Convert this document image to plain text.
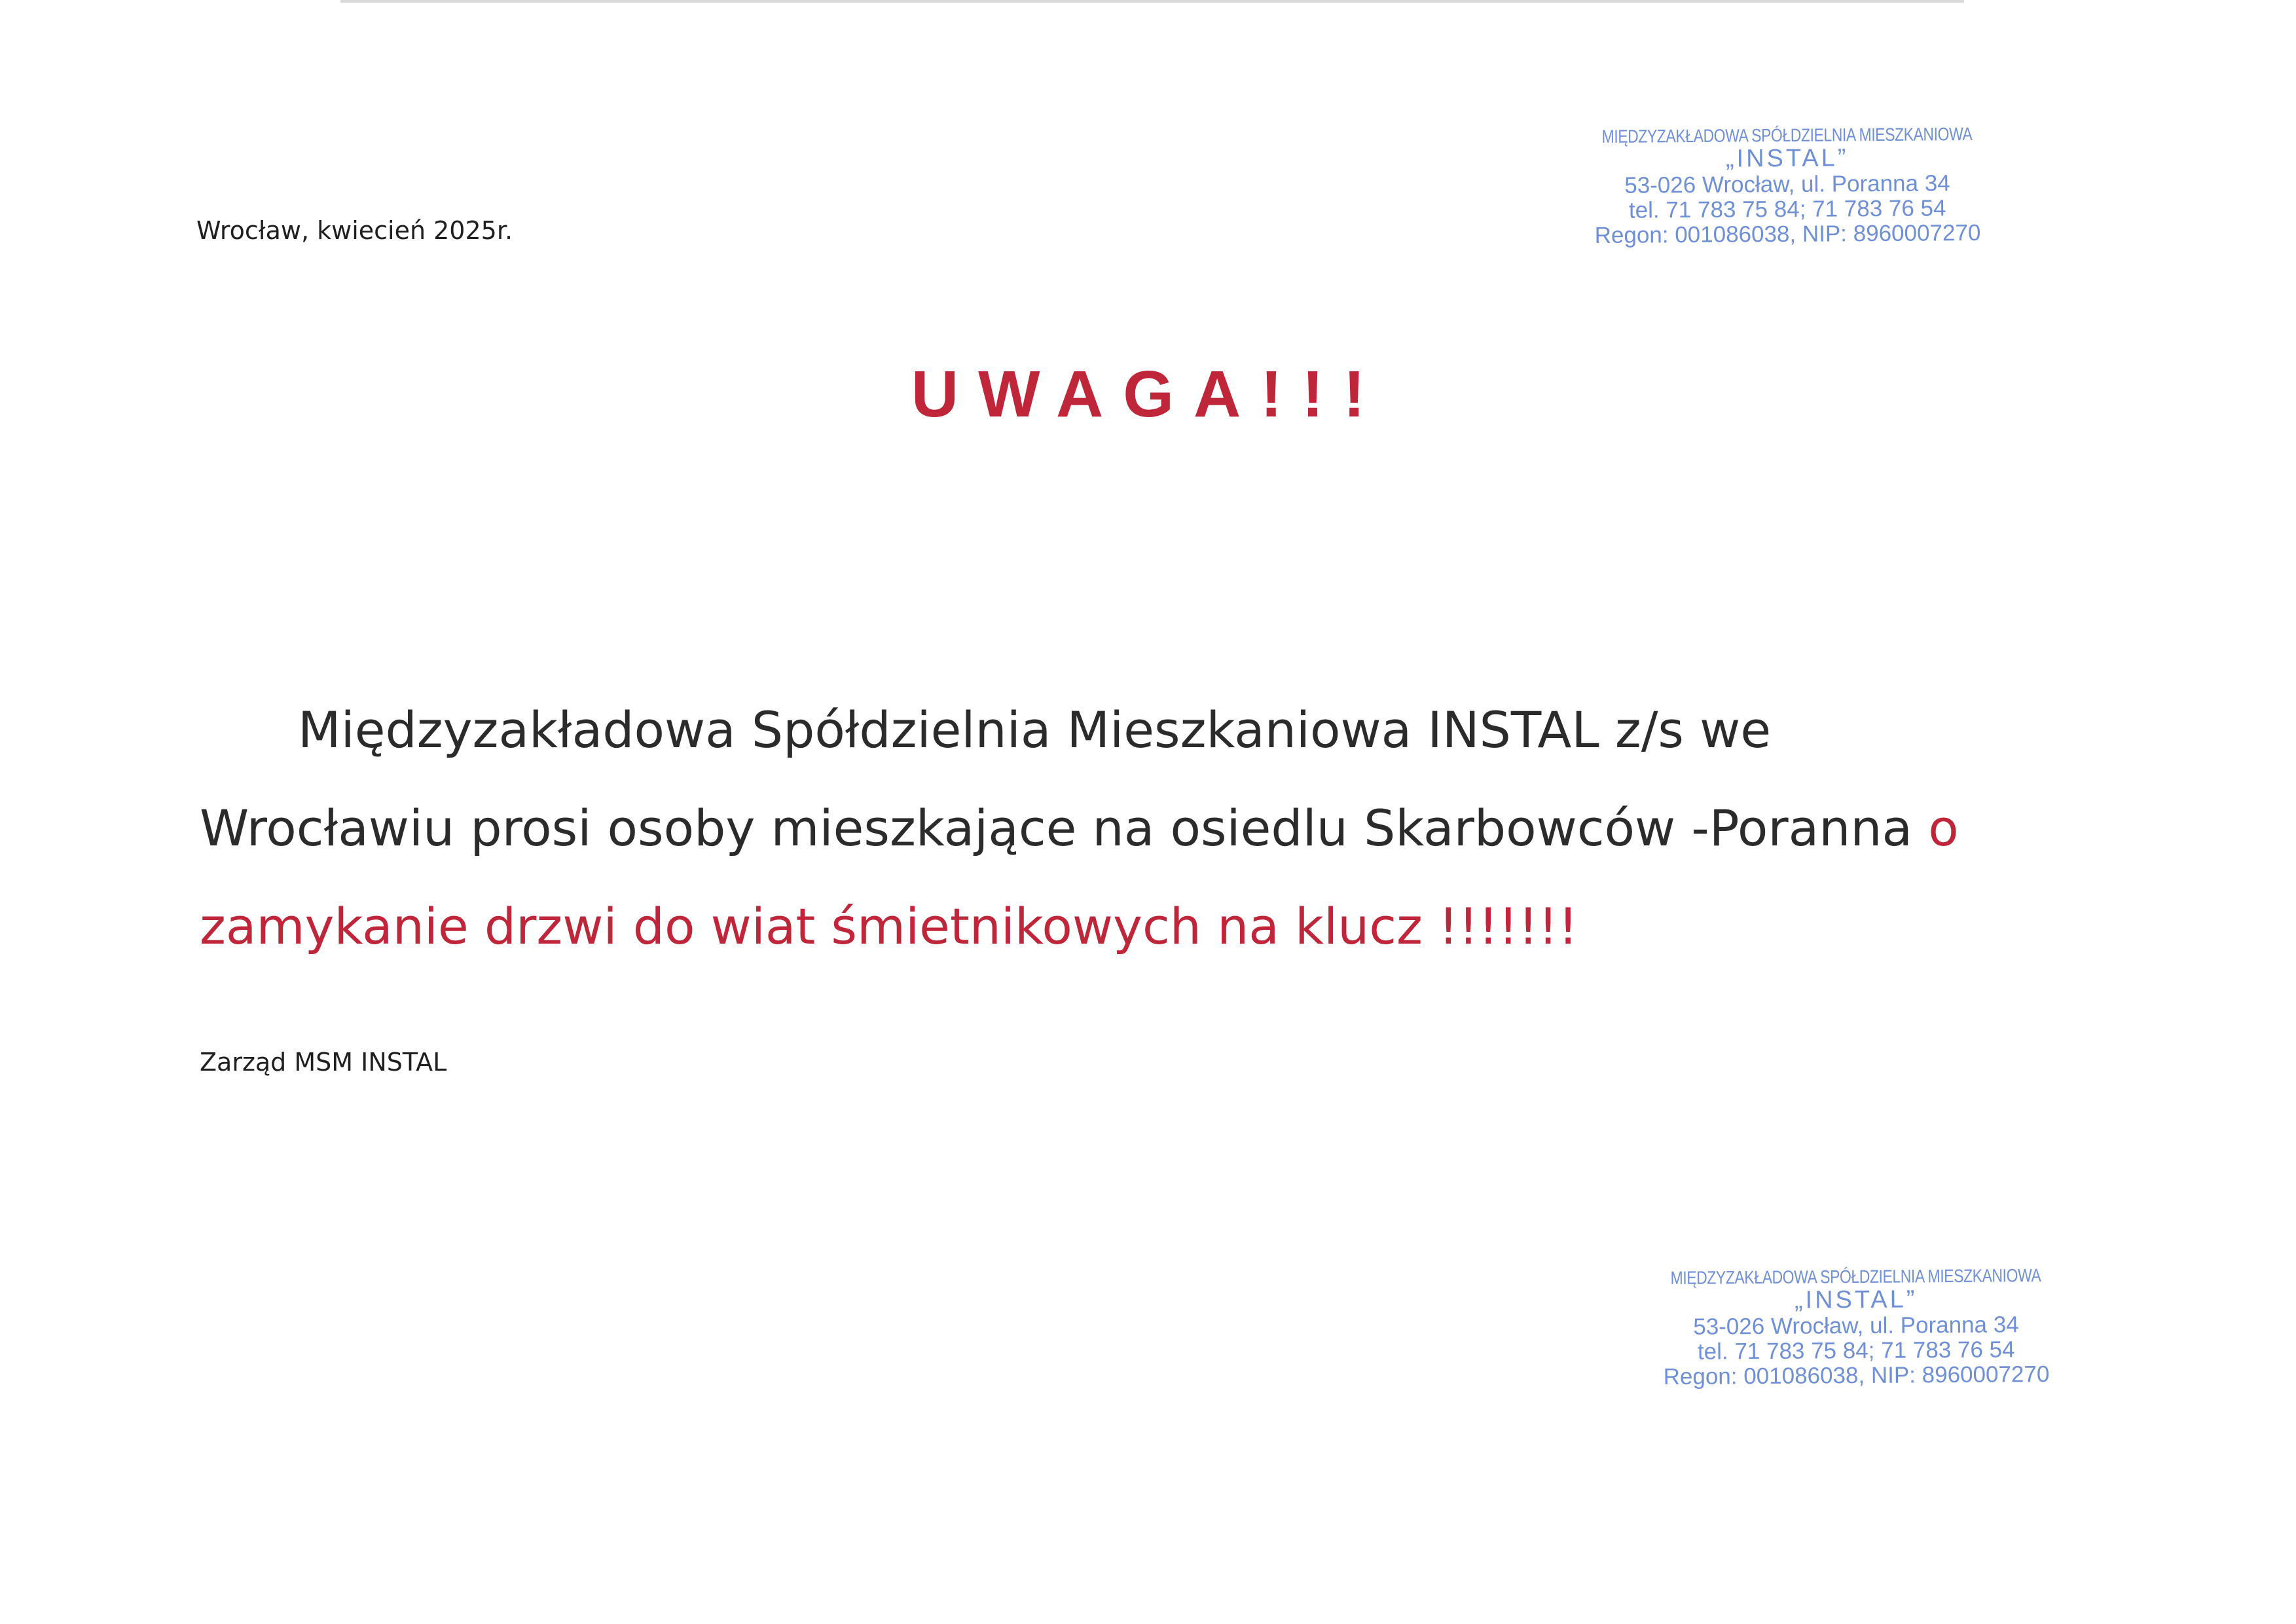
Wrocław, kwiecień 2025r.
MIĘDZYZAKŁADOWA SPÓŁDZIELNIA MIESZKANIOWA
„INSTAL”
53-026 Wrocław, ul. Poranna 34
tel. 71 783 75 84; 71 783 76 54
Regon: 001086038, NIP: 8960007270
UWAGA!!!
Międzyzakładowa Spółdzielnia Mieszkaniowa INSTAL z/s we
Wrocławiu prosi osoby mieszkające na osiedlu Skarbowców -Poranna o
zamykanie drzwi do wiat śmietnikowych na klucz !!!!!!!
Zarząd MSM INSTAL
MIĘDZYZAKŁADOWA SPÓŁDZIELNIA MIESZKANIOWA
„INSTAL”
53-026 Wrocław, ul. Poranna 34
tel. 71 783 75 84; 71 783 76 54
Regon: 001086038, NIP: 8960007270
